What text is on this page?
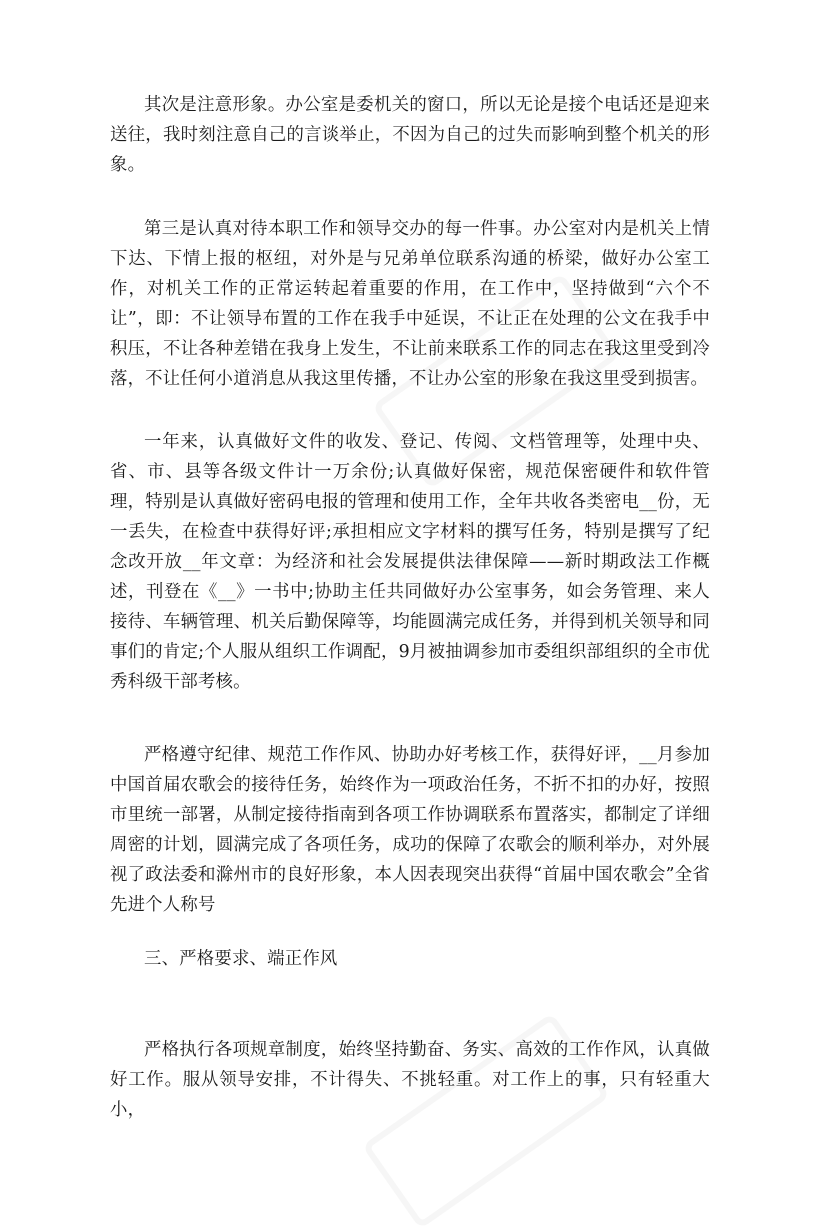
其次是注意形象。办公室是委机关的窗口，所以无论是接个电话还是迎来送往，我时刻注意自己的言谈举止，不因为自己的过失而影响到整个机关的形象。

第三是认真对待本职工作和领导交办的每一件事。办公室对内是机关上情下达、下情上报的枢纽，对外是与兄弟单位联系沟通的桥梁，做好办公室工作，对机关工作的正常运转起着重要的作用，在工作中，坚持做到“六个不让”，即：不让领导布置的工作在我手中延误，不让正在处理的公文在我手中积压，不让各种差错在我身上发生，不让前来联系工作的同志在我这里受到冷落，不让任何小道消息从我这里传播，不让办公室的形象在我这里受到损害。

一年来，认真做好文件的收发、登记、传阅、文档管理等，处理中央、省、市、县等各级文件计一万余份;认真做好保密，规范保密硬件和软件管理，特别是认真做好密码电报的管理和使用工作，全年共收各类密电__份，无一丢失，在检查中获得好评;承担相应文字材料的撰写任务，特别是撰写了纪念改开放__年文章：为经济和社会发展提供法律保障——新时期政法工作概述，刊登在《__》一书中;协助主任共同做好办公室事务，如会务管理、来人接待、车辆管理、机关后勤保障等，均能圆满完成任务，并得到机关领导和同事们的肯定;个人服从组织工作调配，9月被抽调参加市委组织部组织的全市优秀科级干部考核。

严格遵守纪律、规范工作作风、协助办好考核工作，获得好评，__月参加中国首届农歌会的接待任务，始终作为一项政治任务，不折不扣的办好，按照市里统一部署，从制定接待指南到各项工作协调联系布置落实，都制定了详细周密的计划，圆满完成了各项任务，成功的保障了农歌会的顺利举办，对外展视了政法委和滁州市的良好形象，本人因表现突出获得“首届中国农歌会”全省先进个人称号

三、严格要求、端正作风

严格执行各项规章制度，始终坚持勤奋、务实、高效的工作作风，认真做好工作。服从领导安排，不计得失、不挑轻重。对工作上的事，只有轻重大小，
